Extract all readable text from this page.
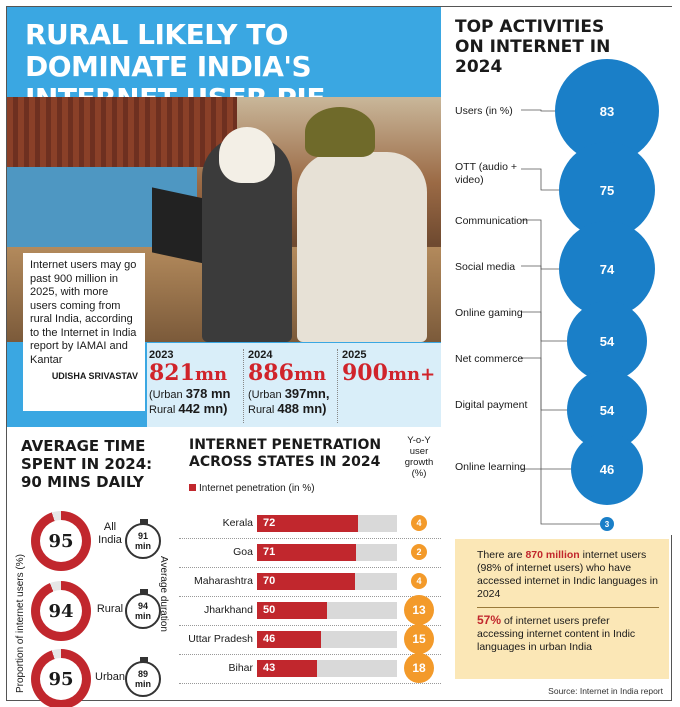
RURAL LIKELY TO DOMINATE INDIA'S
Internet users may go past 900 million in 2025, with more users coming from rural India, according to the Internet in India report by IAMAI and Kantar
UDISHA SRIVASTAV
2023
821mn
(Urban 378 mn
Rural 442 mn)
2024
886mn
(Urban 397mn,
Rural 488 mn)
2025
900mn+
TOP ACTIVITIES ON INTERNET IN 2024
Users (in %)
OTT (audio + video)
Communication
Social media
Online gaming
Net commerce
Digital payment
Online learning
83
75
74
54
54
46
3
AVERAGE TIME SPENT IN 2024: 90 MINS DAILY
Proportion of internet users (%)	Average duration
95
All India	91
min
94	Rural	94
min
95	Urban	89
min
INTERNET PENETRATION ACROSS STATES IN 2024
Internet penetration (in %)
Y-o-Y user growth (%)
Kerala 72	4
Goa 71	2
Maharashtra 70	4
Jharkhand 50	13
Uttar Pradesh 46	15
Bihar 43	18
There are 870 million internet users (98% of internet users) who have accessed internet in Indic languages in 2024
57% of internet users prefer accessing internet content in Indic languages in urban India
Source: Internet in India report
